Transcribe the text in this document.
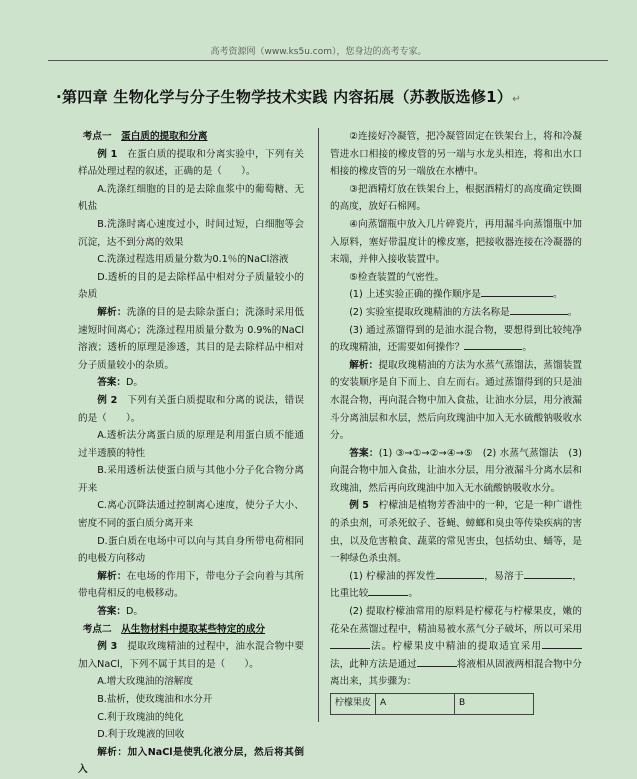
高考资源网（www.ks5u.com），您身边的高考专家。
·第四章 生物化学与分子生物学技术实践 内容拓展（苏教版选修1）↵

考点一　 蛋白质的提取和分离

例 1　 在蛋白质的提取和分离实验中，下列有关样品处理过程的叙述，正确的是（　　）。

A.洗涤红细胞的目的是去除血浆中的葡萄糖、无机盐

B.洗涤时离心速度过小，时间过短，白细胞等会沉淀，达不到分离的效果

C.洗涤过程选用质量分数为0.1％的NaCl溶液

D.透析的目的是去除样品中相对分子质量较小的杂质

解析：洗涤的目的是去除杂蛋白；洗涤时采用低速短时间离心；洗涤过程用质量分数为 0.9%的NaCl溶液；透析的原理是渗透，其目的是去除样品中相对分子质量较小的杂质。

答案：D。

例 2　 下列有关蛋白质提取和分离的说法，错误的是（　　）。

A.透析法分离蛋白质的原理是利用蛋白质不能通过半透膜的特性

B.采用透析法使蛋白质与其他小分子化合物分离开来

C.离心沉降法通过控制离心速度，使分子大小、密度不同的蛋白质分离开来

D.蛋白质在电场中可以向与其自身所带电荷相同的电极方向移动

解析：在电场的作用下，带电分子会向着与其所带电荷相反的电极移动。

答案：D。

考点二　 从生物材料中提取某些特定的成分

例 3　 提取玫瑰精油的过程中，油水混合物中要加入NaCl，下列不属于其目的是（　　）。

A.增大玫瑰油的溶解度

B.盐析，使玫瑰油和水分开

C.利于玫瑰油的纯化

D.利于玫瑰液的回收

解析：加入NaCl是使乳化液分层，然后将其倒入

②连接好冷凝管，把冷凝管固定在铁架台上，将和冷凝管进水口相接的橡皮管的另一端与水龙头相连，将和出水口相接的橡皮管的另一端放在水槽中。

③把酒精灯放在铁架台上，根据酒精灯的高度确定铁圈的高度，放好石棉网。

④向蒸馏瓶中放入几片碎瓷片，再用漏斗向蒸馏瓶中加入原料，塞好带温度计的橡皮塞，把接收器连接在冷凝器的末端，并伸入接收装置中。

⑤检查装置的气密性。

(1) 上述实验正确的操作顺序是	。

(2) 实验室提取玫瑰精油的方法名称是	。

(3) 通过蒸馏得到的是油水混合物，要想得到比较纯净的玫瑰精油，还需要如何操作？	。

解析：提取玫瑰精油的方法为水蒸气蒸馏法，蒸馏装置的安装顺序是自下而上、自左而右。通过蒸馏得到的只是油水混合物，再向混合物中加入食盐，让油水分层，用分液漏斗分离油层和水层，然后向玫瑰油中加入无水硫酸钠吸收水分。

答案：(1) ③→①→②→④→⑤　(2) 水蒸气蒸馏法　(3) 向混合物中加入食盐，让油水分层，用分液漏斗分离水层和玫瑰油，然后再向玫瑰油中加入无水硫酸钠吸收水分。

例 5　 柠檬油是植物芳香油中的一种，它是一种广谱性的杀虫剂，可杀死蚊子、苍蝇、蟑螂和臭虫等传染疾病的害虫，以及危害粮食、蔬菜的常见害虫，包括幼虫、蛹等，是一种绿色杀虫剂。

(1) 柠檬油的挥发性	，易溶于	，比重比较	。

(2) 提取柠檬油常用的原料是柠檬花与柠檬果皮，嫩的花朵在蒸馏过程中，精油易被水蒸气分子破坏，所以可采用法。柠檬果皮中精油的提取适宜采用法，此种方法是通过	将液相从固液两相混合物中分离出来，其步骤为：

柠檬果皮	A	B
